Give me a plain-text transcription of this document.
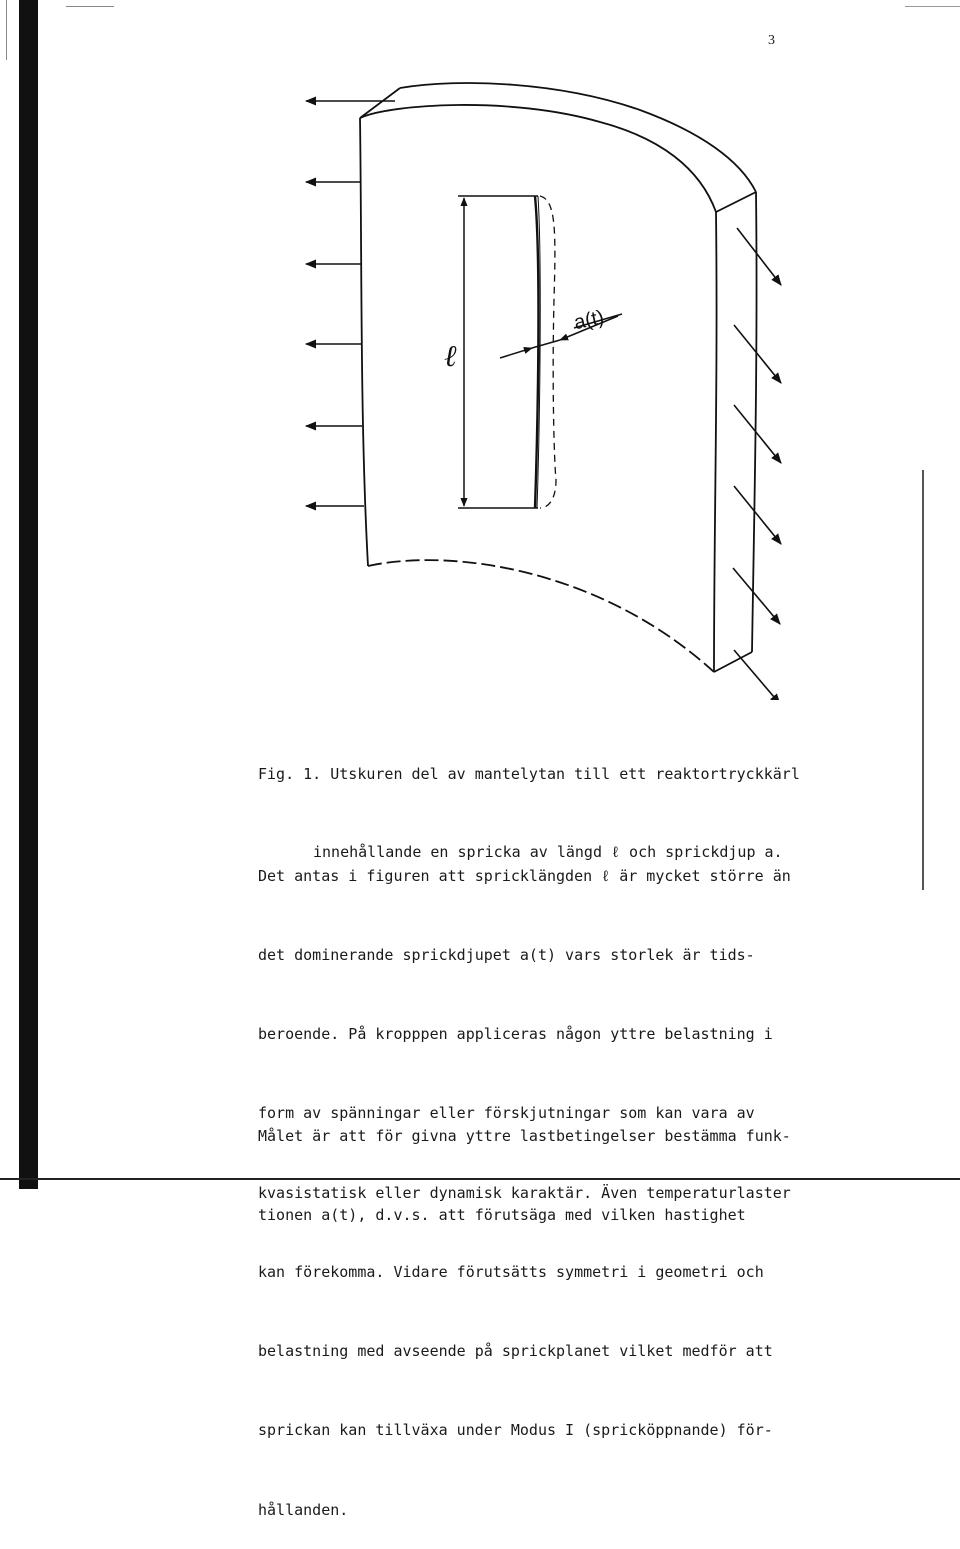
3
ℓ
a(t)

Fig. 1. Utskuren del av mantelytan till ett reaktortryckkärl

innehållande en spricka av längd ℓ och sprickdjup a.

Det antas i figuren att spricklängden ℓ är mycket större än

det dominerande sprickdjupet a(t) vars storlek är tids-

beroende. På kropppen appliceras någon yttre belastning i

form av spänningar eller förskjutningar som kan vara av

kvasistatisk eller dynamisk karaktär. Även temperaturlaster

kan förekomma. Vidare förutsätts symmetri i geometri och

belastning med avseende på sprickplanet vilket medför att

sprickan kan tillväxa under Modus I (spricköppnande) för-

hållanden.

Målet är att för givna yttre lastbetingelser bestämma funk-

tionen a(t), d.v.s. att förutsäga med vilken hastighet
